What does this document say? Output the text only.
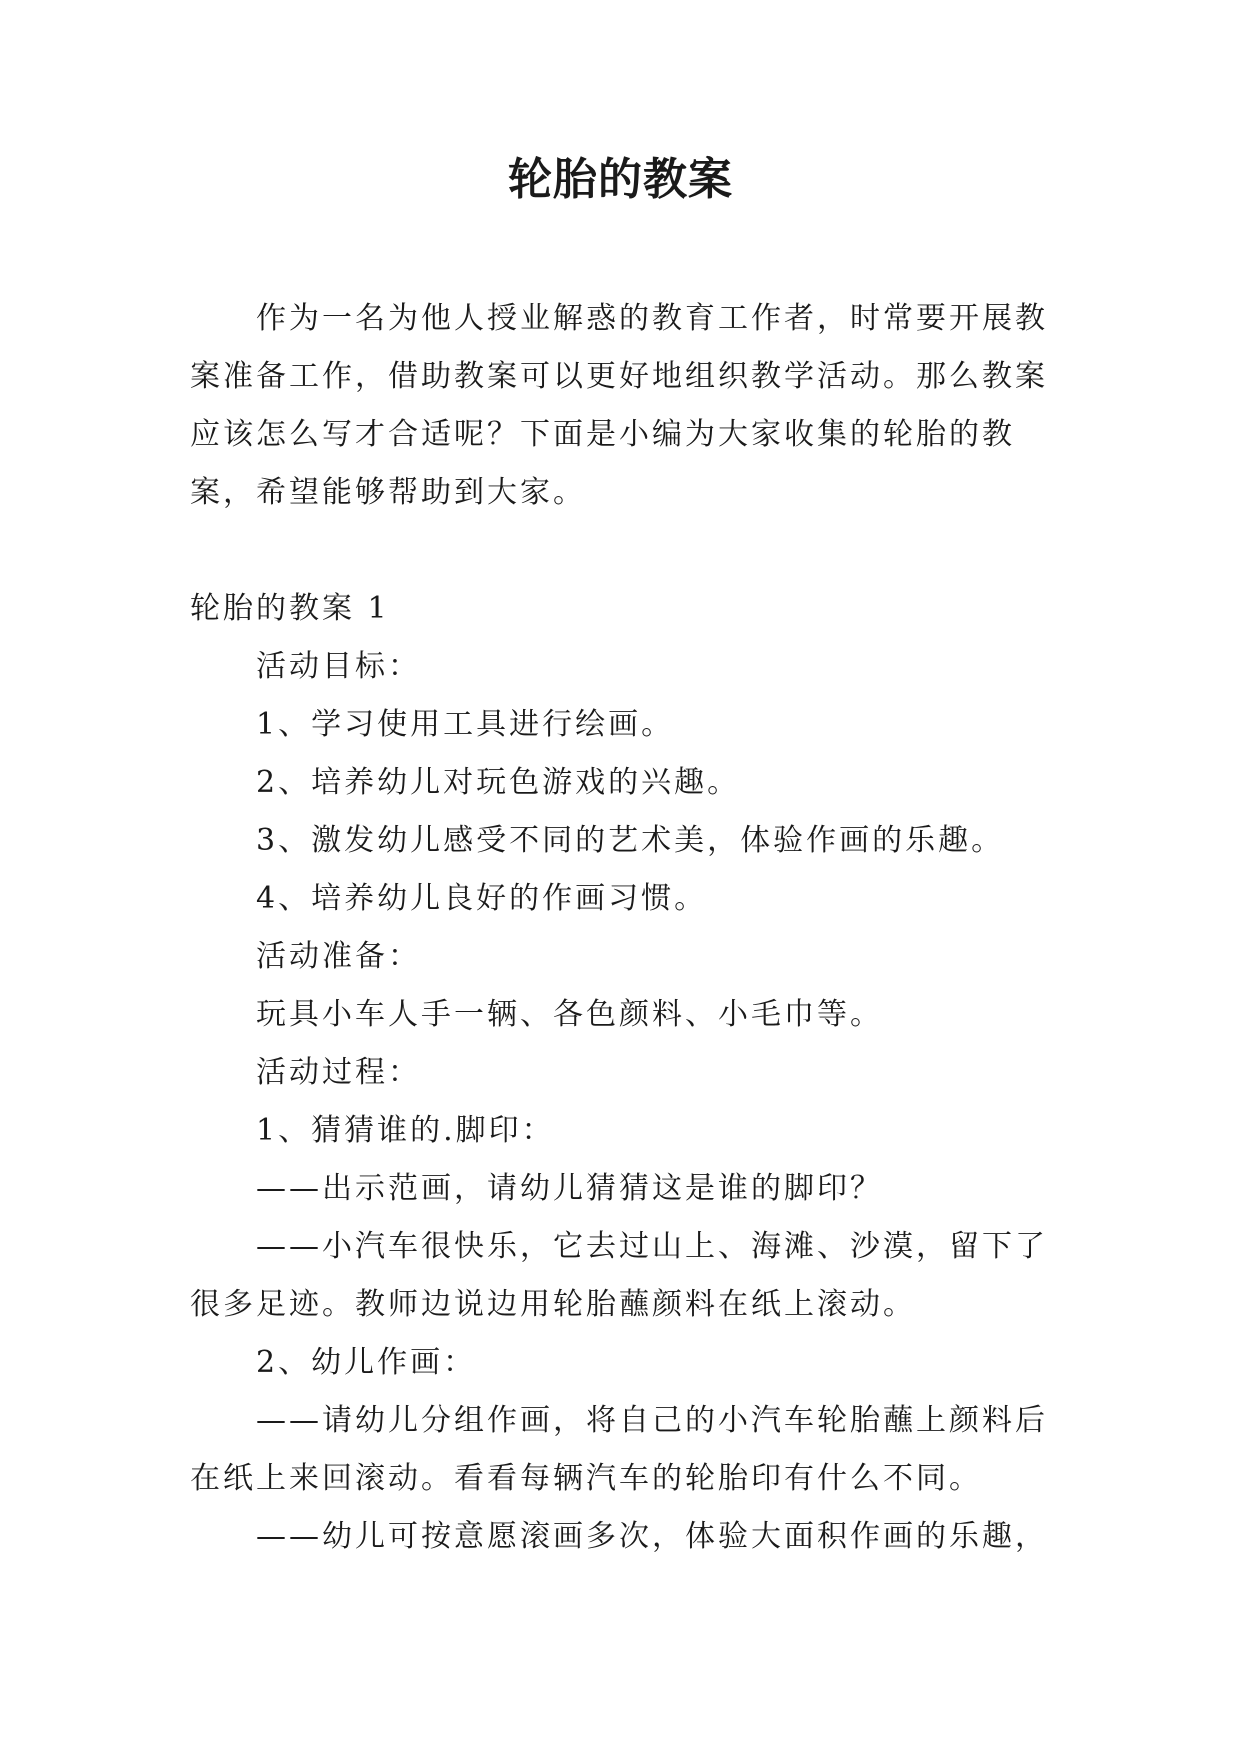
轮胎的教案

作为一名为他人授业解惑的教育工作者，时常要开展教案准备工作，借助教案可以更好地组织教学活动。那么教案应该怎么写才合适呢？下面是小编为大家收集的轮胎的教案，希望能够帮助到大家。

轮胎的教案 1

活动目标：

1、学习使用工具进行绘画。

2、培养幼儿对玩色游戏的兴趣。

3、激发幼儿感受不同的艺术美，体验作画的乐趣。

4、培养幼儿良好的作画习惯。

活动准备：

玩具小车人手一辆、各色颜料、小毛巾等。

活动过程：

1、猜猜谁的.脚印：

——出示范画，请幼儿猜猜这是谁的脚印？

——小汽车很快乐，它去过山上、海滩、沙漠，留下了很多足迹。教师边说边用轮胎蘸颜料在纸上滚动。

2、幼儿作画：

——请幼儿分组作画，将自己的小汽车轮胎蘸上颜料后在纸上来回滚动。看看每辆汽车的轮胎印有什么不同。

——幼儿可按意愿滚画多次，体验大面积作画的乐趣，
